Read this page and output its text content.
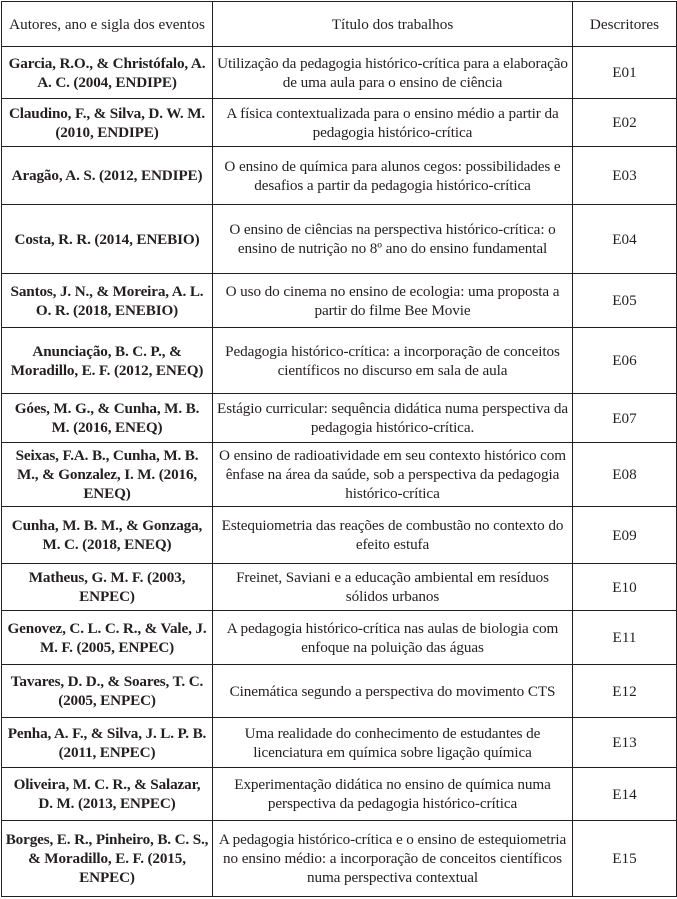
Autores, ano e sigla dos eventos	Título dos trabalhos	Descritores
Garcia, R.O., & Christófalo, A. A. C. (2004, ENDIPE)	Utilização da pedagogia histórico-crítica para a elaboração de uma aula para o ensino de ciência	E01
Claudino, F., & Silva, D. W. M. (2010, ENDIPE)	A física contextualizada para o ensino médio a partir da pedagogia histórico-crítica	E02
Aragão, A. S. (2012, ENDIPE)	O ensino de química para alunos cegos: possibilidades e desafios a partir da pedagogia histórico-crítica	E03
Costa, R. R. (2014, ENEBIO)	O ensino de ciências na perspectiva histórico-crítica: o ensino de nutrição no 8º ano do ensino fundamental	E04
Santos, J. N., & Moreira, A. L. O. R. (2018, ENEBIO)	O uso do cinema no ensino de ecologia: uma proposta a partir do filme Bee Movie	E05
Anunciação, B. C. P., & Moradillo, E. F. (2012, ENEQ)	Pedagogia histórico-crítica: a incorporação de conceitos científicos no discurso em sala de aula	E06
Góes, M. G., & Cunha, M. B. M. (2016, ENEQ)	Estágio curricular: sequência didática numa perspectiva da pedagogia histórico-crítica.	E07
Seixas, F.A. B., Cunha, M. B. M., & Gonzalez, I. M. (2016, ENEQ)	O ensino de radioatividade em seu contexto histórico com ênfase na área da saúde, sob a perspectiva da pedagogia histórico-crítica	E08
Cunha, M. B. M., & Gonzaga, M. C. (2018, ENEQ)	Estequiometria das reações de combustão no contexto do efeito estufa	E09
Matheus, G. M. F. (2003, ENPEC)	Freinet, Saviani e a educação ambiental em resíduos sólidos urbanos	E10
Genovez, C. L. C. R., & Vale, J. M. F. (2005, ENPEC)	A pedagogia histórico-crítica nas aulas de biologia com enfoque na poluição das águas	E11
Tavares, D. D., & Soares, T. C. (2005, ENPEC)	Cinemática segundo a perspectiva do movimento CTS	E12
Penha, A. F., & Silva, J. L. P. B. (2011, ENPEC)	Uma realidade do conhecimento de estudantes de licenciatura em química sobre ligação química	E13
Oliveira, M. C. R., & Salazar, D. M. (2013, ENPEC)	Experimentação didática no ensino de química numa perspectiva da pedagogia histórico-crítica	E14
Borges, E. R., Pinheiro, B. C. S., & Moradillo, E. F. (2015, ENPEC)	A pedagogia histórico-crítica e o ensino de estequiometria no ensino médio: a incorporação de conceitos científicos numa perspectiva contextual	E15
